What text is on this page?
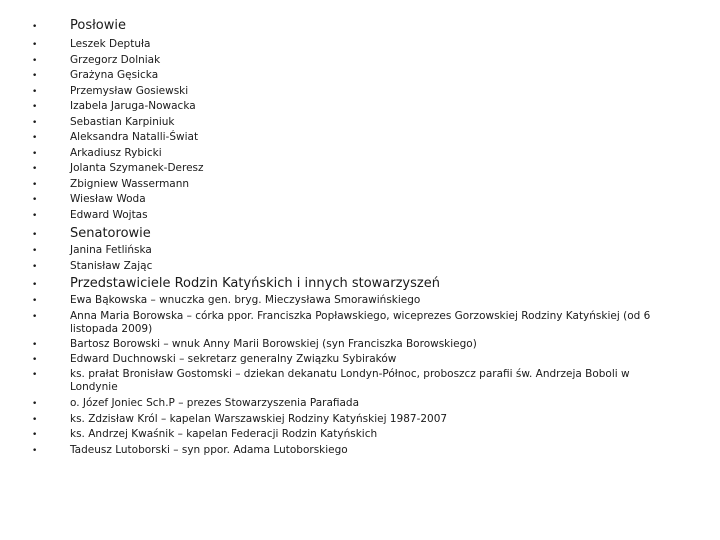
•	Posłowie
•	Leszek Deptuła
•	Grzegorz Dolniak
•	Grażyna Gęsicka
•	Przemysław Gosiewski
•	Izabela Jaruga-Nowacka
•	Sebastian Karpiniuk
•	Aleksandra Natalli-Świat
•	Arkadiusz Rybicki
•	Jolanta Szymanek-Deresz
•	Zbigniew Wassermann
•	Wiesław Woda
•	Edward Wojtas
•	Senatorowie
•	Janina Fetlińska
•	Stanisław Zając
•	Przedstawiciele Rodzin Katyńskich i innych stowarzyszeń
•	Ewa Bąkowska – wnuczka gen. bryg. Mieczysława Smorawińskiego
•	Anna Maria Borowska – córka ppor. Franciszka Popławskiego, wiceprezes Gorzowskiej Rodziny Katyńskiej (od 6 listopada 2009)
•	Bartosz Borowski – wnuk Anny Marii Borowskiej (syn Franciszka Borowskiego)
•	Edward Duchnowski – sekretarz generalny Związku Sybiraków
•	ks. prałat Bronisław Gostomski – dziekan dekanatu Londyn-Północ, proboszcz parafii św. Andrzeja Boboli w Londynie
•	o. Józef Joniec Sch.P – prezes Stowarzyszenia Parafiada
•	ks. Zdzisław Król – kapelan Warszawskiej Rodziny Katyńskiej 1987-2007
•	ks. Andrzej Kwaśnik – kapelan Federacji Rodzin Katyńskich
•	Tadeusz Lutoborski – syn ppor. Adama Lutoborskiego
